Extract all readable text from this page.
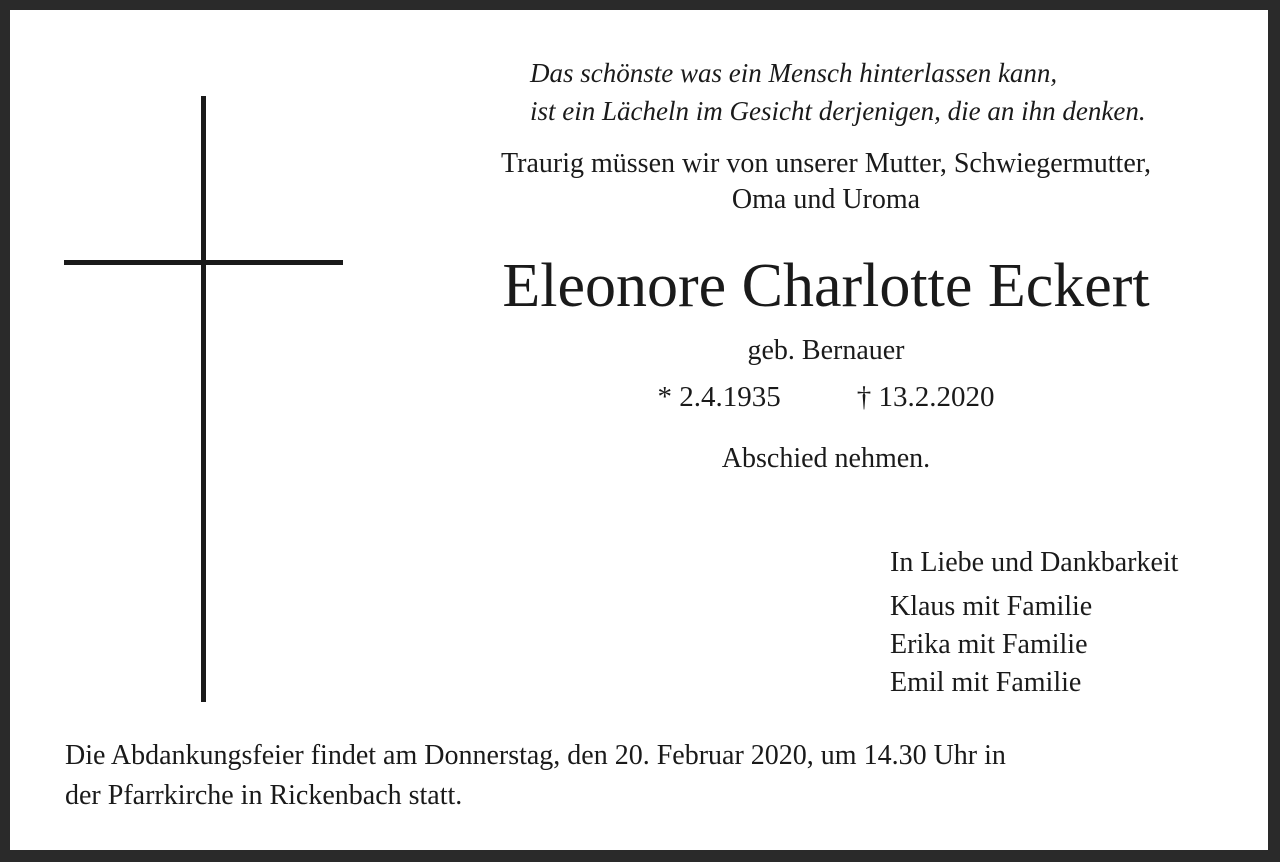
Das schönste was ein Mensch hinterlassen kann,
ist ein Lächeln im Gesicht derjenigen, die an ihn denken.
Traurig müssen wir von unserer Mutter, Schwiegermutter,
Oma und Uroma
Eleonore Charlotte Eckert
geb. Bernauer
* 2.4.1935	† 13.2.2020
Abschied nehmen.
In Liebe und Dankbarkeit
Klaus mit Familie
Erika mit Familie
Emil mit Familie
Die Abdankungsfeier findet am Donnerstag, den 20. Februar 2020, um 14.30 Uhr in
der Pfarrkirche in Rickenbach statt.
